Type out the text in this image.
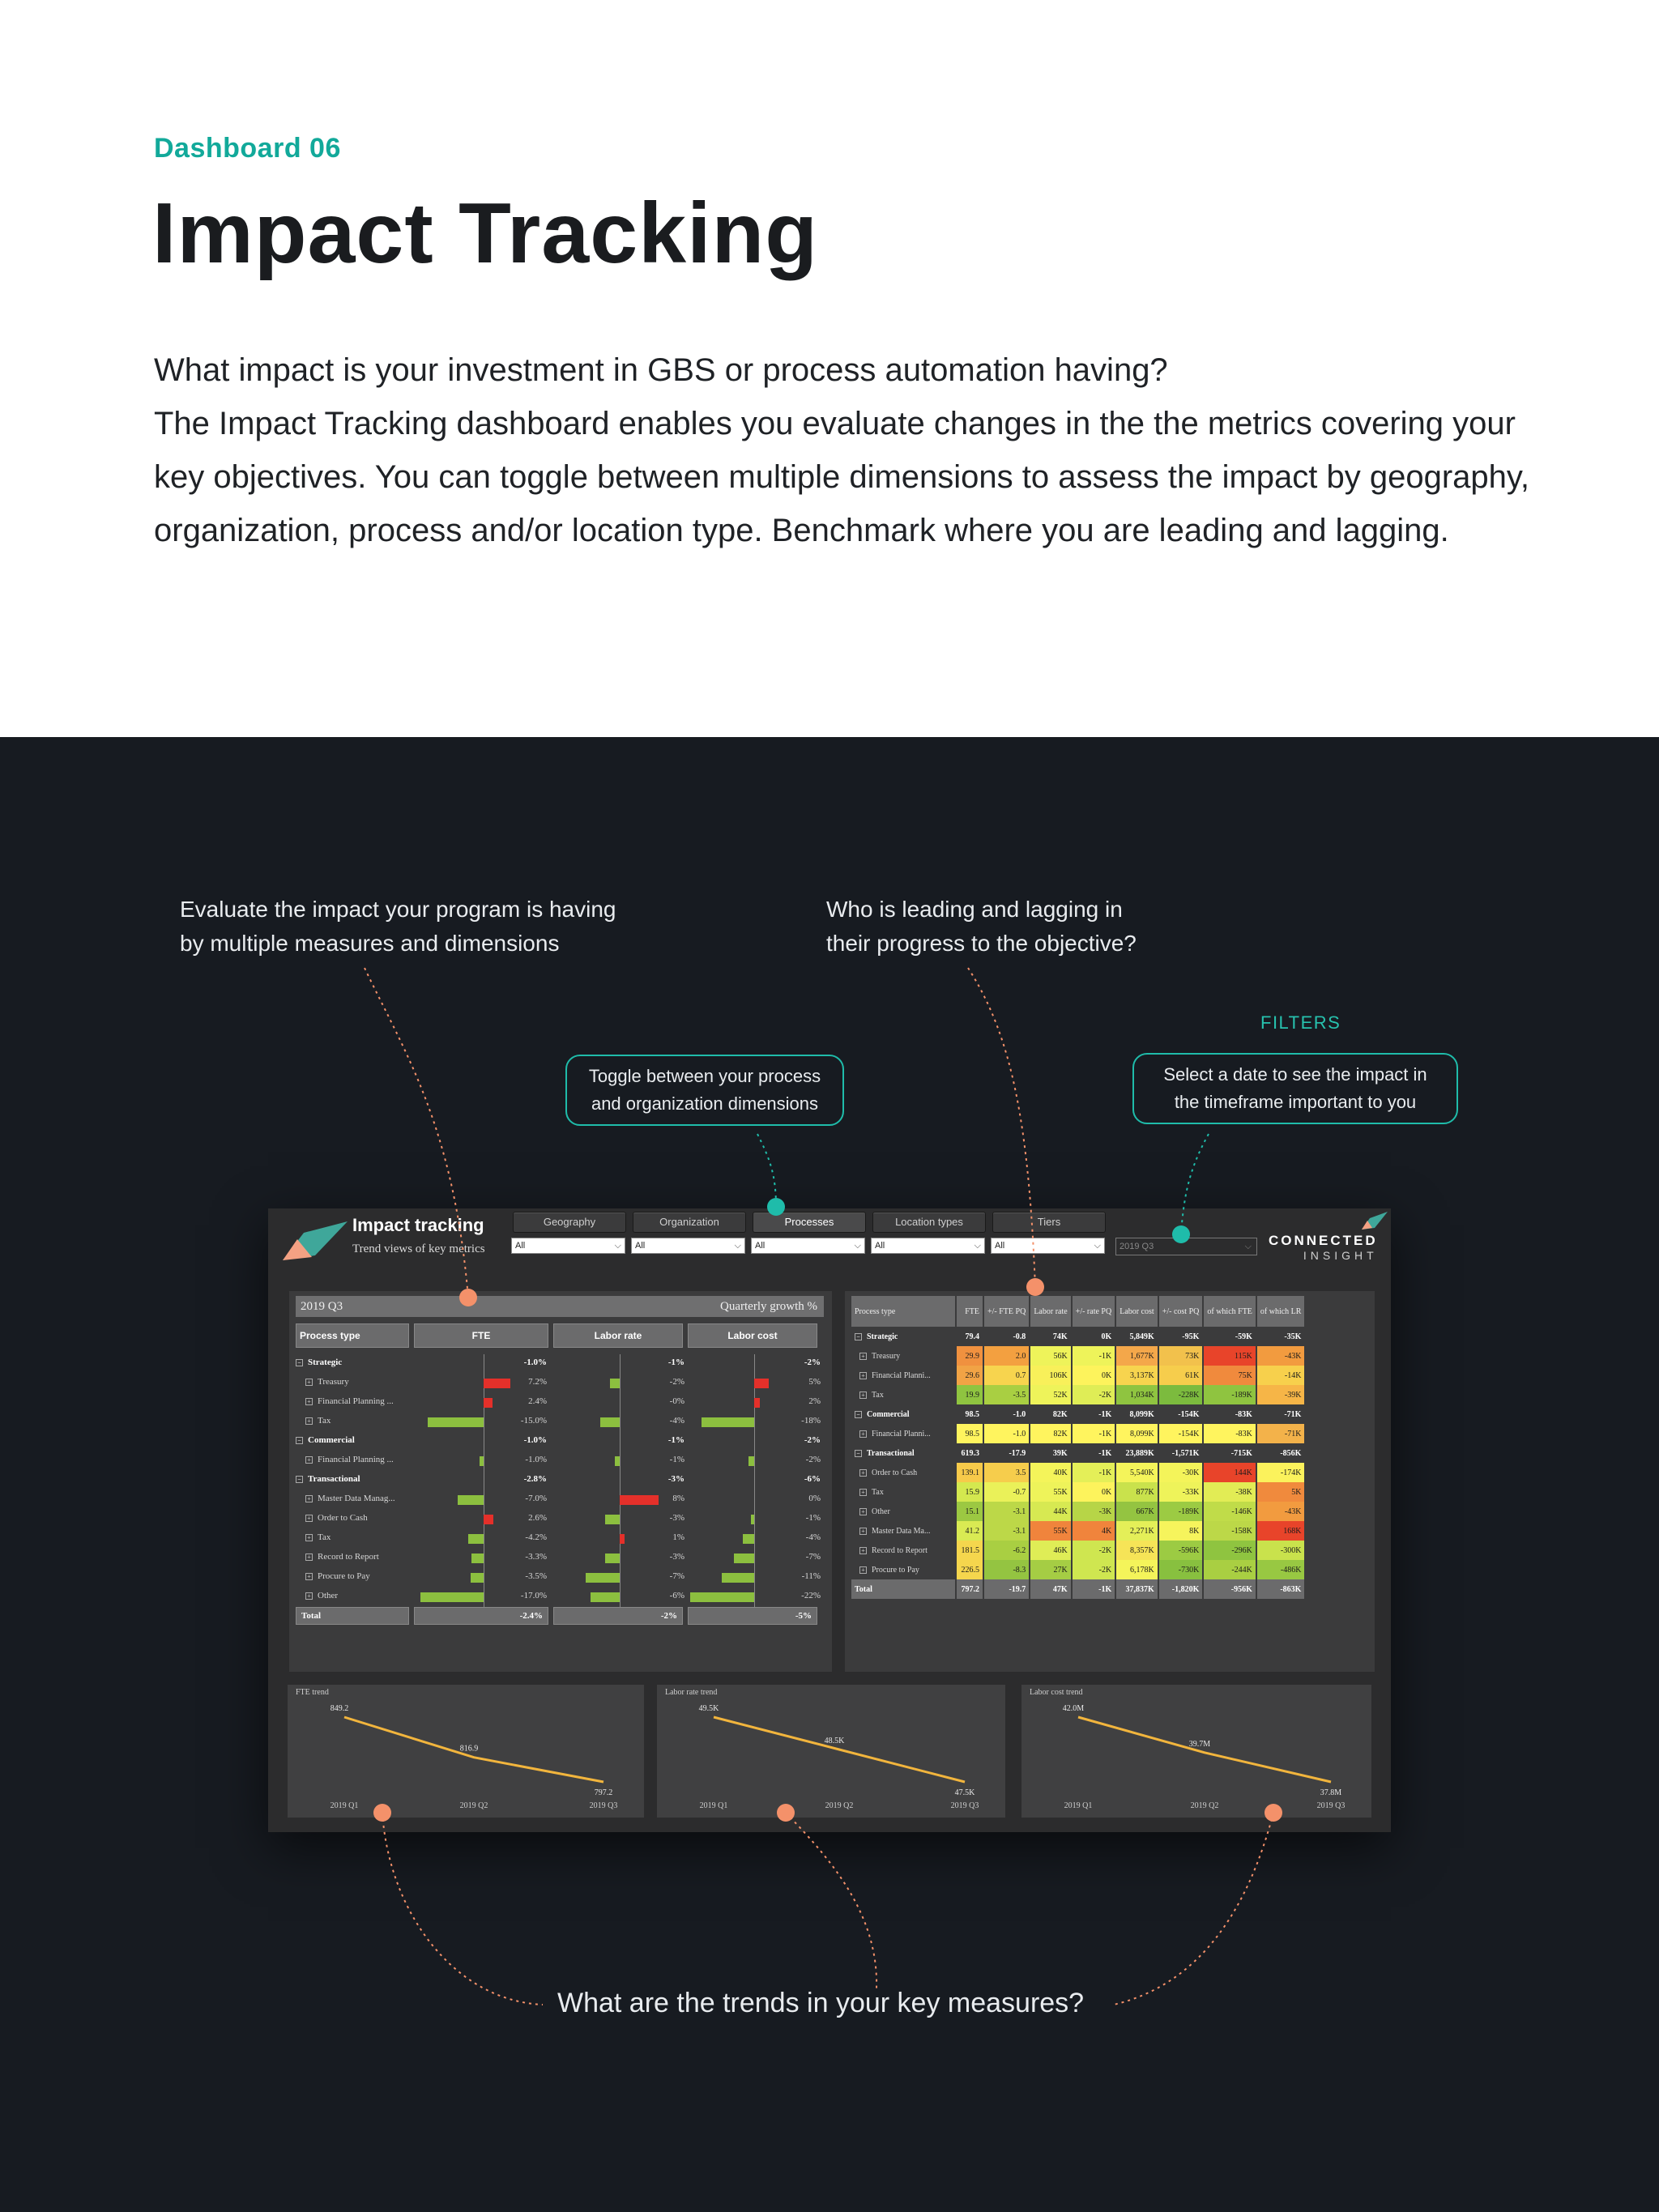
Dashboard 06
Impact Tracking

What impact is your investment in GBS or process automation having?

The Impact Tracking dashboard enables you evaluate changes in the the metrics covering your key objectives. You can toggle between multiple dimensions to assess the impact by geography, organization, process and/or location type. Benchmark where you are leading and lagging.

Evaluate the impact your program is having
by multiple measures and dimensions
Who is leading and lagging in
their progress to the objective?
FILTERS
Toggle between your process
and organization dimensions
Select a date to see the impact in
the timeframe important to you
What are the trends in your key measures?
Impact tracking
Trend views of key metrics
Geography	Organization	Processes	Location types	Tiers
All	⌵	All	⌵	All	⌵	All	⌵	All	⌵	2019 Q3	⌵ CONNECTED
INSIGHT
2019 Q3	Quarterly growth %
Process type	FTE	Labor rate	Labor cost
− Strategic	-1.0%	-1%	-2%
+ Treasury	7.2%	-2%	5%
+ Financial Planning ...	2.4%	-0%	2%
+ Tax	-15.0%	-4%	-18%
− Commercial	-1.0%	-1%	-2%
+ Financial Planning ...	-1.0%	-1%	-2%
− Transactional	-2.8%	-3%	-6%
+ Master Data Manag...	-7.0%	8%	0%
+ Order to Cash	2.6%	-3%	-1%
+ Tax	-4.2%	1%	-4%
+ Record to Report	-3.3%	-3%	-7%
+ Procure to Pay	-3.5%	-7%	-11%
+ Other	-17.0%	-6%	-22%
Total	-2.4%	-2%	-5%
Process type	FTE	+/- FTE PQ	Labor rate	+/- rate PQ	Labor cost	+/- cost PQ	of which FTE	of which LR
− Strategic	79.4	-0.8	74K	0K	5,849K	-95K	-59K	-35K
+ Treasury	29.9	2.0	56K	-1K	1,677K	73K	115K	-43K
+ Financial Planni...	29.6	0.7	106K	0K	3,137K	61K	75K	-14K
+ Tax	19.9	-3.5	52K	-2K	1,034K	-228K	-189K	-39K
− Commercial	98.5	-1.0	82K	-1K	8,099K	-154K	-83K	-71K
+ Financial Planni...	98.5	-1.0	82K	-1K	8,099K	-154K	-83K	-71K
− Transactional	619.3	-17.9	39K	-1K	23,889K	-1,571K	-715K	-856K
+ Order to Cash	139.1	3.5	40K	-1K	5,540K	-30K	144K	-174K
+ Tax	15.9	-0.7	55K	0K	877K	-33K	-38K	5K
+ Other	15.1	-3.1	44K	-3K	667K	-189K	-146K	-43K
+ Master Data Ma...	41.2	-3.1	55K	4K	2,271K	8K	-158K	168K
+ Record to Report	181.5	-6.2	46K	-2K	8,357K	-596K	-296K	-300K
+ Procure to Pay	226.5	-8.3	27K	-2K	6,178K	-730K	-244K	-486K
Total	797.2	-19.7	47K	-1K	37,837K	-1,820K	-956K	-863K
FTE trend
849.2
2019 Q1
816.9
2019 Q2
797.2
2019 Q3
Labor rate trend
49.5K
2019 Q1
48.5K
2019 Q2
47.5K
2019 Q3
Labor cost trend
42.0M
2019 Q1
39.7M
2019 Q2
37.8M
2019 Q3
